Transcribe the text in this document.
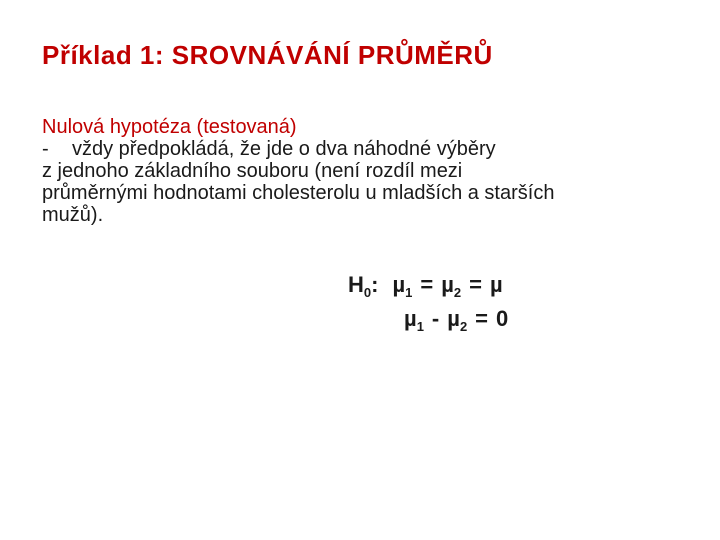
Příklad 1: SROVNÁVÁNÍ PRŮMĚRŮ
Nulová hypotéza (testovaná)
- vždy předpokládá, že jde o dva náhodné výběry
z jednoho základního souboru (není rozdíl mezi
průměrnými hodnotami cholesterolu u mladších a starších
mužů).
$H_0$: µ$_1$ = µ$_2$ = µ
µ$_1$ - µ$_2$ = 0
